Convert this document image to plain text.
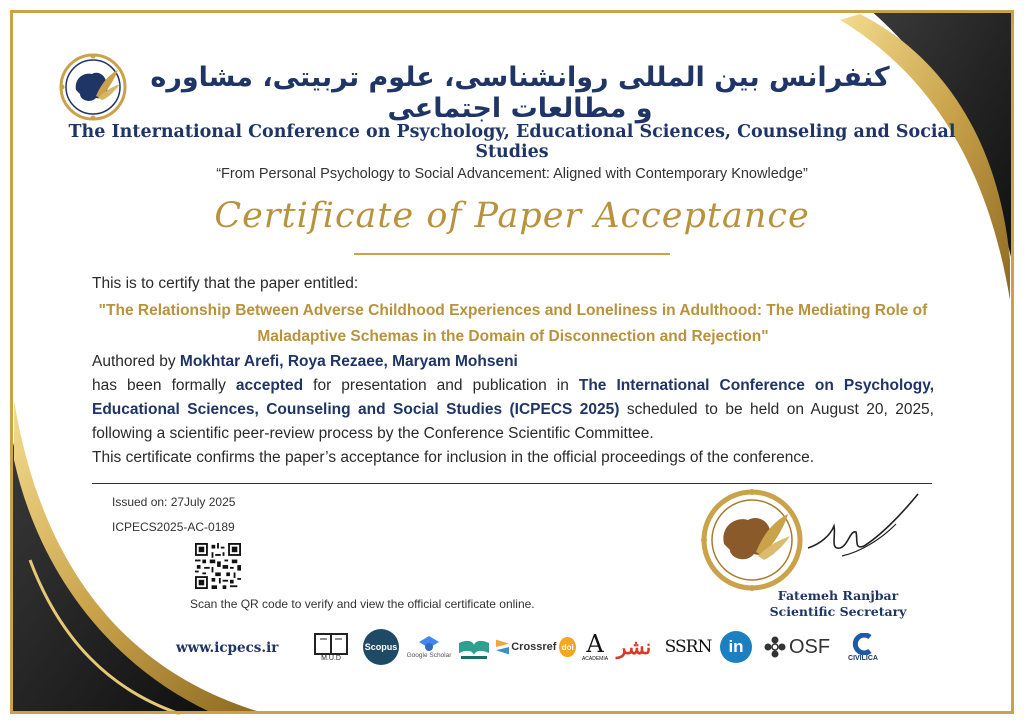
کنفرانس بین المللی روانشناسی، علوم تربیتی، مشاوره و مطالعات اجتماعی
The International Conference on Psychology, Educational Sciences, Counseling and Social Studies
“From Personal Psychology to Social Advancement: Aligned with Contemporary Knowledge”
Certificate of Paper Acceptance

This is to certify that the paper entitled:

"The Relationship Between Adverse Childhood Experiences and Loneliness in Adulthood: The Mediating Role of Maladaptive Schemas in the Domain of Disconnection and Rejection"

Authored by Mokhtar Arefi, Roya Rezaee, Maryam Mohseni

has been formally accepted for presentation and publication in The International Conference on Psychology, Educational Sciences, Counseling and Social Studies (ICPECS 2025) scheduled to be held on August 20, 2025, following a scientific peer-review process by the Conference Scientific Committee.

This certificate confirms the paper’s acceptance for inclusion in the official proceedings of the conference.

Issued on: 27July 2025
ICPECS2025-AC-0189
Scan the QR code to verify and view the official certificate online.
Fatemeh Ranjbar
Scientific Secretary
www.icpecs.ir
M.U.D
Scopus
Google Scholar
Crossref doi A
ACADEMIA
نشر SSRN in OSF
CIVILICA
